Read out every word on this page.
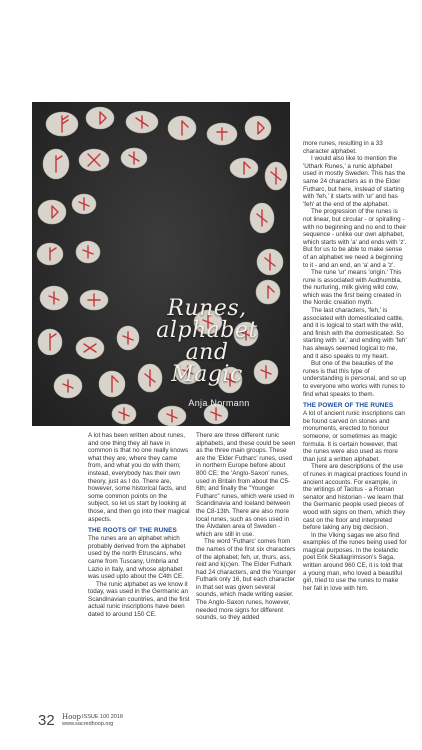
Runes,
alphabet
and
Magic
Anja Normann

A lot has been written about runes, and one thing they all have in common is that no one really knows what they are, where they came from, and what you do with them; instead, everybody has their own theory, just as I do. There are, however, some historical facts, and some common points on the subject, so let us start by looking at those, and then go into their magical aspects.

THE ROOTS OF THE RUNES

The runes are an alphabet which probably derived from the alphabet used by the north Etruscans, who came from Tuscany, Umbria and Lazio in Italy, and whose alphabet was used upto about the C4th CE.

The runic alphabet as we know it today, was used in the Germanic an Scandinavian countries, and the first actual runic inscriptions have been dated to around 150 CE.

There are three different runic alphabets, and these could be seen as the three main groups. These are the 'Elder Futharc' runes, used in northern Europe before about 800 CE; the 'Anglo-Saxon' runes, used in Britain from about the C5-6th; and finally the "Younger Futharc" runes, which were used in Scandinavia and Iceland between the C8-13th. There are also more local runes, such as ones used in the Älvdalen area of Sweden - which are still in use.

The word 'Futharc' comes from the names of the first six characters of the alphabet; feh, ur, thurs, ass, reid and k(c)en. The Elder Futhark had 24 characters, and the Younger Futhark only 16, but each character in that set was given several sounds, which made writing easier. The Anglo-Saxon runes, however, needed more signs for different sounds, so they added

more runes, resulting in a 33 character alphabet.

I would also like to mention the 'Uthark Runes,' a runic alphabet used in mostly Sweden. This has the same 24 characters as in the Elder Futharc, but here, instead of starting with 'feh,' it starts with 'ur' and has 'feh' at the end of the alphabet.

The progression of the runes is not linear, but circular - or spiralling - with no beginning and no end to their sequence - unlike our own alphabet, which starts with 'a' and ends with 'z'. But for us to be able to make sense of an alphabet we need a beginning to it - and an end, an 'a' and a 'z'.

The rune 'ur' means 'origin.' This rune is associated with Audhumbla, the nurturing, milk giving wild cow, which was the first being created in the Nordic creation myth.

The last characters, 'feh,' is associated with domesticated cattle, and it is logical to start with the wild, and finish with the domesticated. So starting with 'ur,' and ending with 'feh' has always seemed logical to me, and it also speaks to my heart.

But one of the beauties of the runes is that this type of understanding is personal, and so up to everyone who works with runes to find what speaks to them.

THE POWER OF THE RUNES

A lot of ancient runic inscriptions can be found carved on stones and monuments, erected to honour someone, or sometimes as magic formula. It is certain however, that the runes were also used as more than just a written alphabet.

There are descriptions of the use of runes in magical practices found in ancient accounts. For example, in the writings of Tacitus - a Roman senator and historian - we learn that the Germanic people used pieces of wood with signs on them, which they cast on the floor and interpreted before taking any big decision.

In the Viking sagas we also find examples of the runes being used for magical purposes. In the Icelandic poet Erik Skallagrimsson's Saga, written around 960 CE, it is told that a young man, who loved a beautiful girl, tried to use the runes to make her fall in love with him.

32 Hoop ISSUE 100 2018
www.sacredhoop.org
